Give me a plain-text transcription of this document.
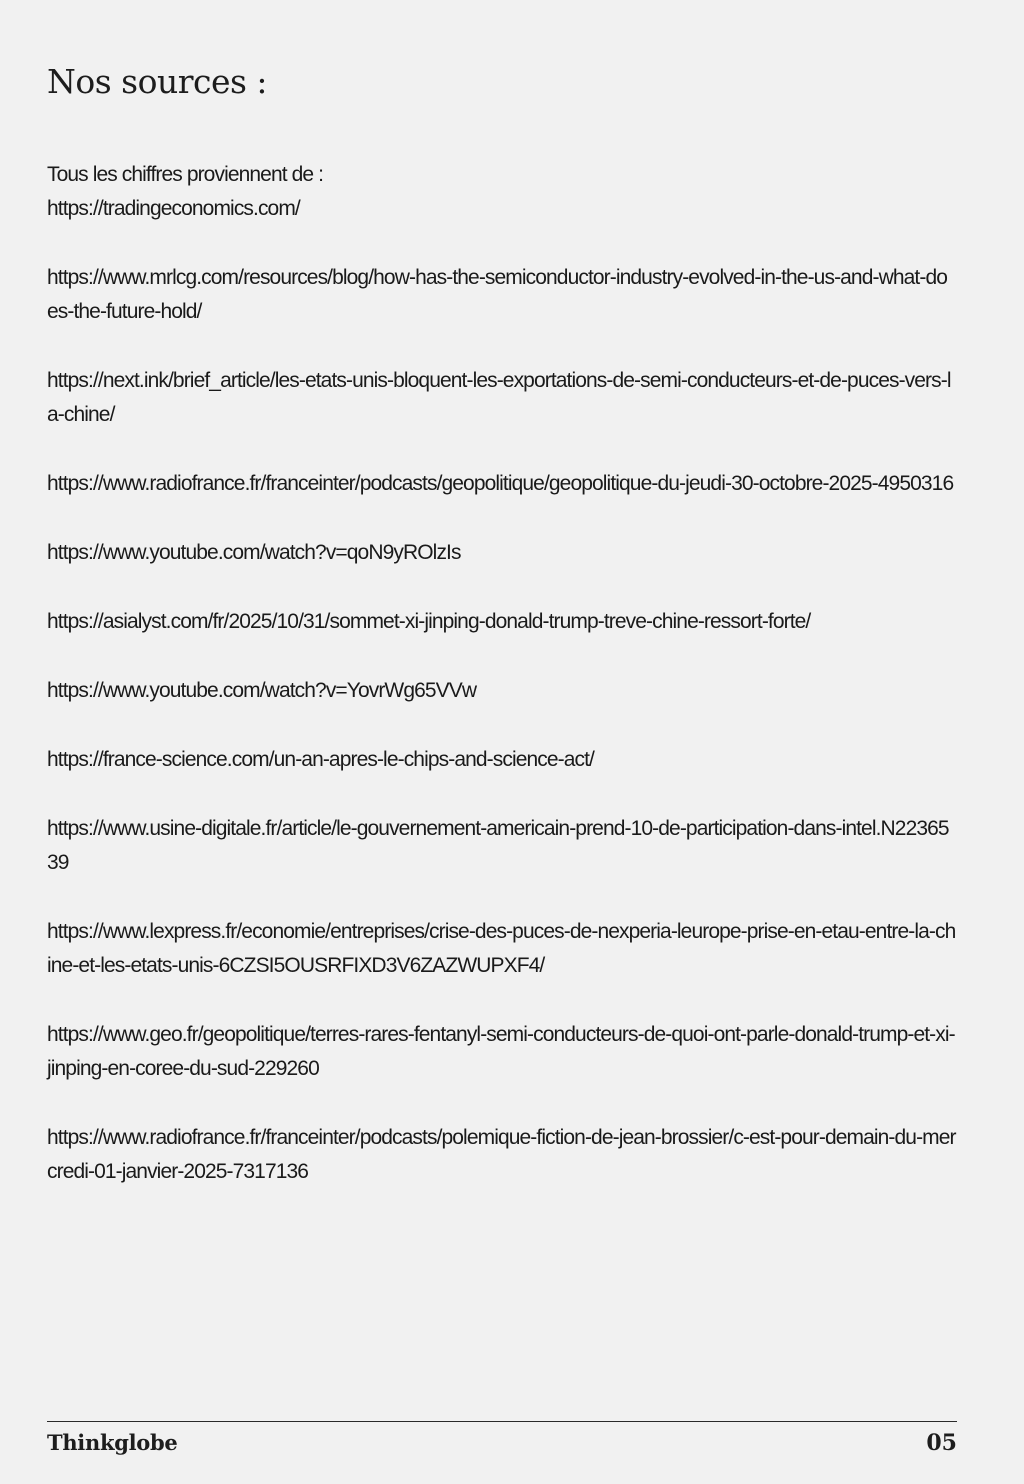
Nos sources :
Tous les chiffres proviennent de :
https://tradingeconomics.com/
https://www.mrlcg.com/resources/blog/how-has-the-semiconductor-industry-evolved-in-the-us-and-what-does-the-future-hold/
https://next.ink/brief_article/les-etats-unis-bloquent-les-exportations-de-semi-conducteurs-et-de-puces-vers-la-chine/
https://www.radiofrance.fr/franceinter/podcasts/geopolitique/geopolitique-du-jeudi-30-octobre-2025-4950316
https://www.youtube.com/watch?v=qoN9yROlzIs
https://asialyst.com/fr/2025/10/31/sommet-xi-jinping-donald-trump-treve-chine-ressort-forte/
https://www.youtube.com/watch?v=YovrWg65VVw
https://france-science.com/un-an-apres-le-chips-and-science-act/
https://www.usine-digitale.fr/article/le-gouvernement-americain-prend-10-de-participation-dans-intel.N2236539
https://www.lexpress.fr/economie/entreprises/crise-des-puces-de-nexperia-leurope-prise-en-etau-entre-la-chine-et-les-etats-unis-6CZSI5OUSRFIXD3V6ZAZWUPXF4/
https://www.geo.fr/geopolitique/terres-rares-fentanyl-semi-conducteurs-de-quoi-ont-parle-donald-trump-et-xi-jinping-en-coree-du-sud-229260
https://www.radiofrance.fr/franceinter/podcasts/polemique-fiction-de-jean-brossier/c-est-pour-demain-du-mercredi-01-janvier-2025-7317136
Thinkglobe	05
